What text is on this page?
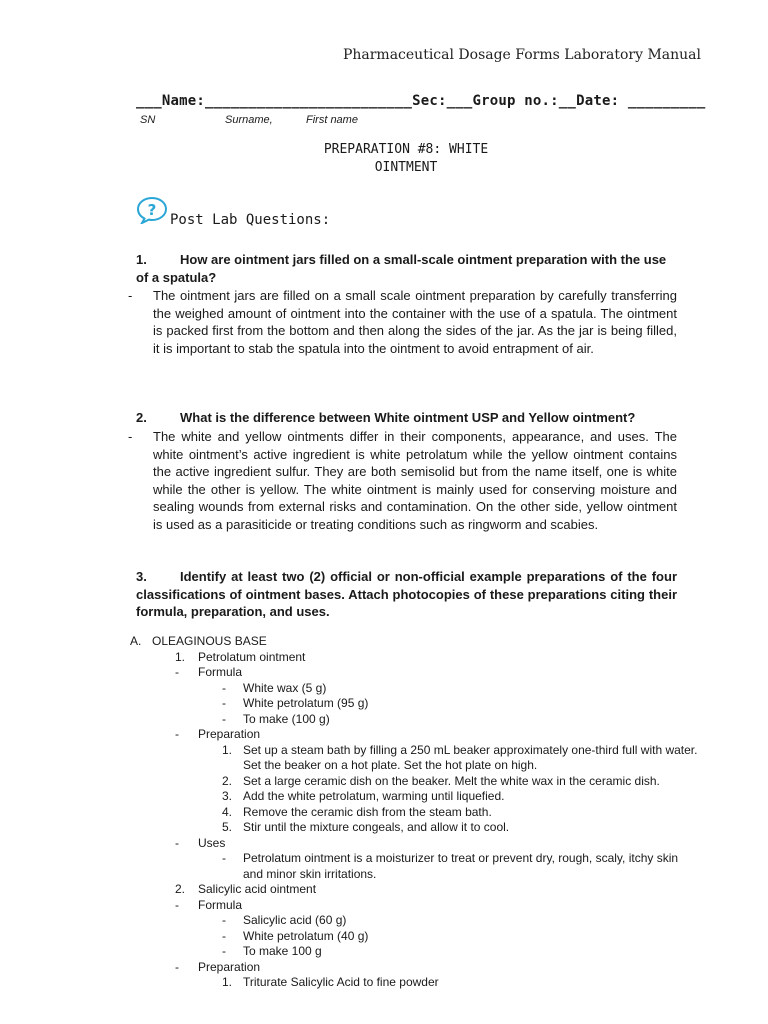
Pharmaceutical Dosage Forms Laboratory Manual
___Name:________________________Sec:___Group no.:__Date: _________
SN	Surname,	First name
PREPARATION #8: WHITE
OINTMENT
?
Post Lab Questions:
1.	How are ointment jars filled on a small-scale ointment preparation with the use of a spatula?
- The ointment jars are filled on a small scale ointment preparation by carefully transferring the weighed amount of ointment into the container with the use of a spatula. The ointment is packed first from the bottom and then along the sides of the jar. As the jar is being filled, it is important to stab the spatula into the ointment to avoid entrapment of air.
2.	What is the difference between White ointment USP and Yellow ointment?
- The white and yellow ointments differ in their components, appearance, and uses. The white ointment’s active ingredient is white petrolatum while the yellow ointment contains the active ingredient sulfur. They are both semisolid but from the name itself, one is white while the other is yellow. The white ointment is mainly used for conserving moisture and sealing wounds from external risks and contamination. On the other side, yellow ointment is used as a parasiticide or treating conditions such as ringworm and scabies.
3.	Identify at least two (2) official or non-official example preparations of the four classifications of ointment bases. Attach photocopies of these preparations citing their formula, preparation, and uses.
A. OLEAGINOUS BASE
1. Petrolatum ointment
- Formula
- White wax (5 g)
- White petrolatum (95 g)
- To make (100 g)
- Preparation
1. Set up a steam bath by filling a 250 mL beaker approximately one-third full with water.
Set the beaker on a hot plate. Set the hot plate on high.
2. Set a large ceramic dish on the beaker. Melt the white wax in the ceramic dish.
3. Add the white petrolatum, warming until liquefied.
4. Remove the ceramic dish from the steam bath.
5. Stir until the mixture congeals, and allow it to cool.
- Uses
- Petrolatum ointment is a moisturizer to treat or prevent dry, rough, scaly, itchy skin
and minor skin irritations.
2. Salicylic acid ointment
- Formula
- Salicylic acid (60 g)
- White petrolatum (40 g)
- To make 100 g
- Preparation
1. Triturate Salicylic Acid to fine powder
